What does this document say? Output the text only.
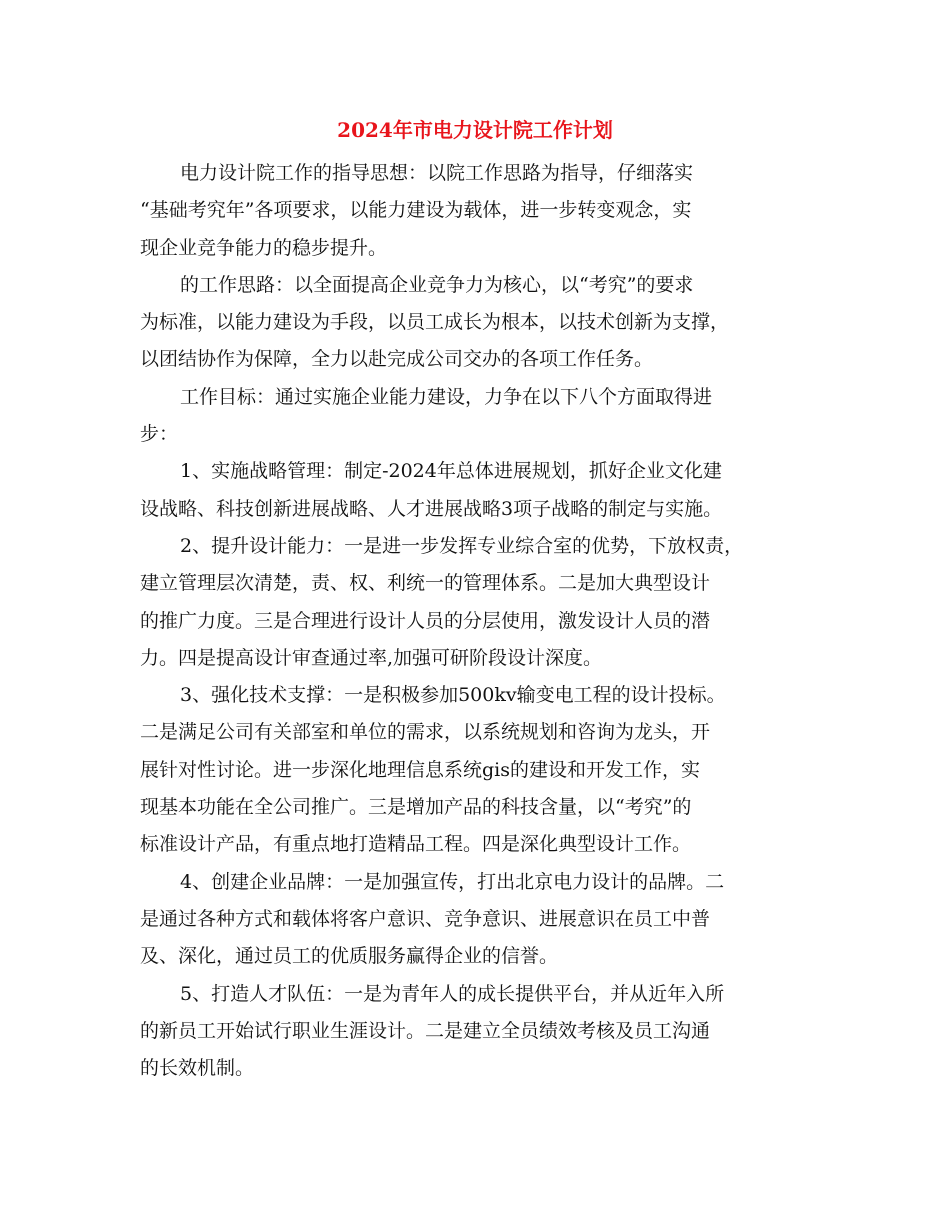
2024年市电力设计院工作计划
电力设计院工作的指导思想：以院工作思路为指导，仔细落实
“基础考究年”各项要求，以能力建设为载体，进一步转变观念，实
现企业竞争能力的稳步提升。
的工作思路：以全面提高企业竞争力为核心，以“考究”的要求
为标准，以能力建设为手段，以员工成长为根本，以技术创新为支撑，
以团结协作为保障，全力以赴完成公司交办的各项工作任务。
工作目标：通过实施企业能力建设，力争在以下八个方面取得进
步：
1、实施战略管理：制定-2024年总体进展规划，抓好企业文化建
设战略、科技创新进展战略、人才进展战略3项子战略的制定与实施。
2、提升设计能力：一是进一步发挥专业综合室的优势，下放权责，
建立管理层次清楚，责、权、利统一的管理体系。二是加大典型设计
的推广力度。三是合理进行设计人员的分层使用，激发设计人员的潜
力。四是提高设计审查通过率,加强可研阶段设计深度。
3、强化技术支撑：一是积极参加500kv输变电工程的设计投标。
二是满足公司有关部室和单位的需求，以系统规划和咨询为龙头，开
展针对性讨论。进一步深化地理信息系统gis的建设和开发工作，实
现基本功能在全公司推广。三是增加产品的科技含量，以“考究”的
标准设计产品，有重点地打造精品工程。四是深化典型设计工作。
4、创建企业品牌：一是加强宣传，打出北京电力设计的品牌。二
是通过各种方式和载体将客户意识、竞争意识、进展意识在员工中普
及、深化，通过员工的优质服务赢得企业的信誉。
5、打造人才队伍：一是为青年人的成长提供平台，并从近年入所
的新员工开始试行职业生涯设计。二是建立全员绩效考核及员工沟通
的长效机制。
